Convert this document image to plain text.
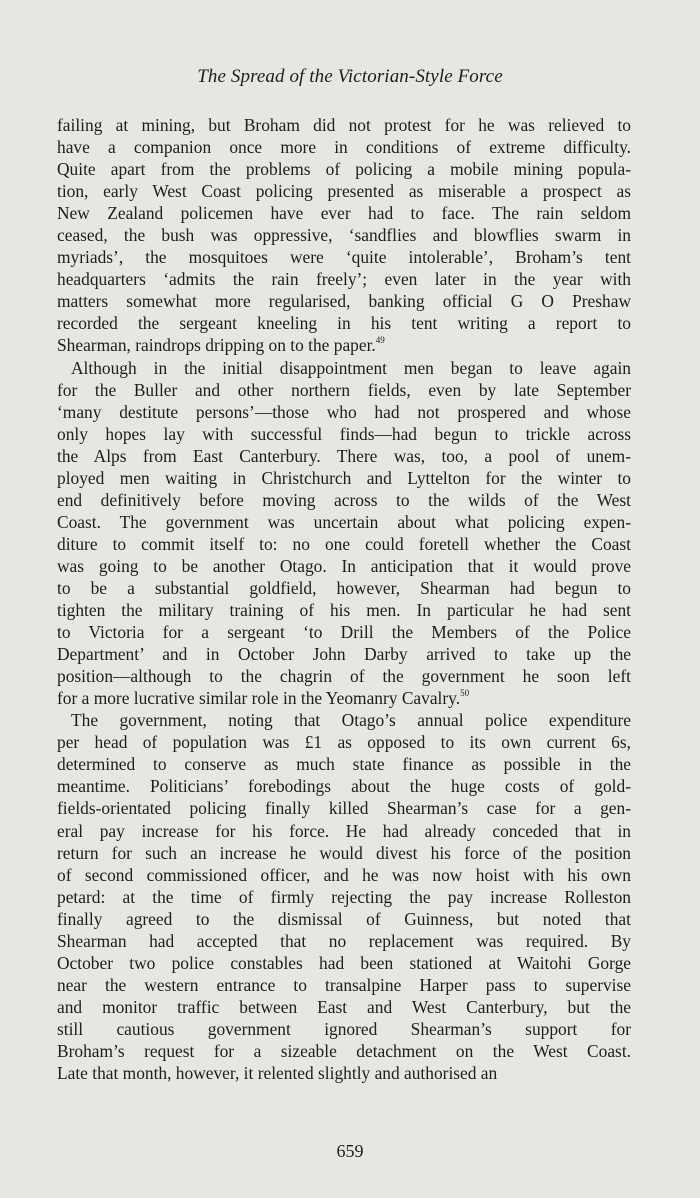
The Spread of the Victorian-Style Force
failing at mining, but Broham did not protest for he was relieved to
have a companion once more in conditions of extreme difficulty.
Quite apart from the problems of policing a mobile mining popula-
tion, early West Coast policing presented as miserable a prospect as
New Zealand policemen have ever had to face. The rain seldom
ceased, the bush was oppressive, ‘sandflies and blowflies swarm in
myriads’, the mosquitoes were ‘quite intolerable’, Broham’s tent
headquarters ‘admits the rain freely’; even later in the year with
matters somewhat more regularised, banking official G O Preshaw
recorded the sergeant kneeling in his tent writing a report to
Shearman, raindrops dripping on to the paper.$^{49}$
Although in the initial disappointment men began to leave again
for the Buller and other northern fields, even by late September
‘many destitute persons’—those who had not prospered and whose
only hopes lay with successful finds—had begun to trickle across
the Alps from East Canterbury. There was, too, a pool of unem-
ployed men waiting in Christchurch and Lyttelton for the winter to
end definitively before moving across to the wilds of the West
Coast. The government was uncertain about what policing expen-
diture to commit itself to: no one could foretell whether the Coast
was going to be another Otago. In anticipation that it would prove
to be a substantial goldfield, however, Shearman had begun to
tighten the military training of his men. In particular he had sent
to Victoria for a sergeant ‘to Drill the Members of the Police
Department’ and in October John Darby arrived to take up the
position—although to the chagrin of the government he soon left
for a more lucrative similar role in the Yeomanry Cavalry.$^{50}$
The government, noting that Otago’s annual police expenditure
per head of population was £1 as opposed to its own current 6s,
determined to conserve as much state finance as possible in the
meantime. Politicians’ forebodings about the huge costs of gold-
fields-orientated policing finally killed Shearman’s case for a gen-
eral pay increase for his force. He had already conceded that in
return for such an increase he would divest his force of the position
of second commissioned officer, and he was now hoist with his own
petard: at the time of firmly rejecting the pay increase Rolleston
finally agreed to the dismissal of Guinness, but noted that
Shearman had accepted that no replacement was required. By
October two police constables had been stationed at Waitohi Gorge
near the western entrance to transalpine Harper pass to supervise
and monitor traffic between East and West Canterbury, but the
still cautious government ignored Shearman’s support for
Broham’s request for a sizeable detachment on the West Coast.
Late that month, however, it relented slightly and authorised an
659
